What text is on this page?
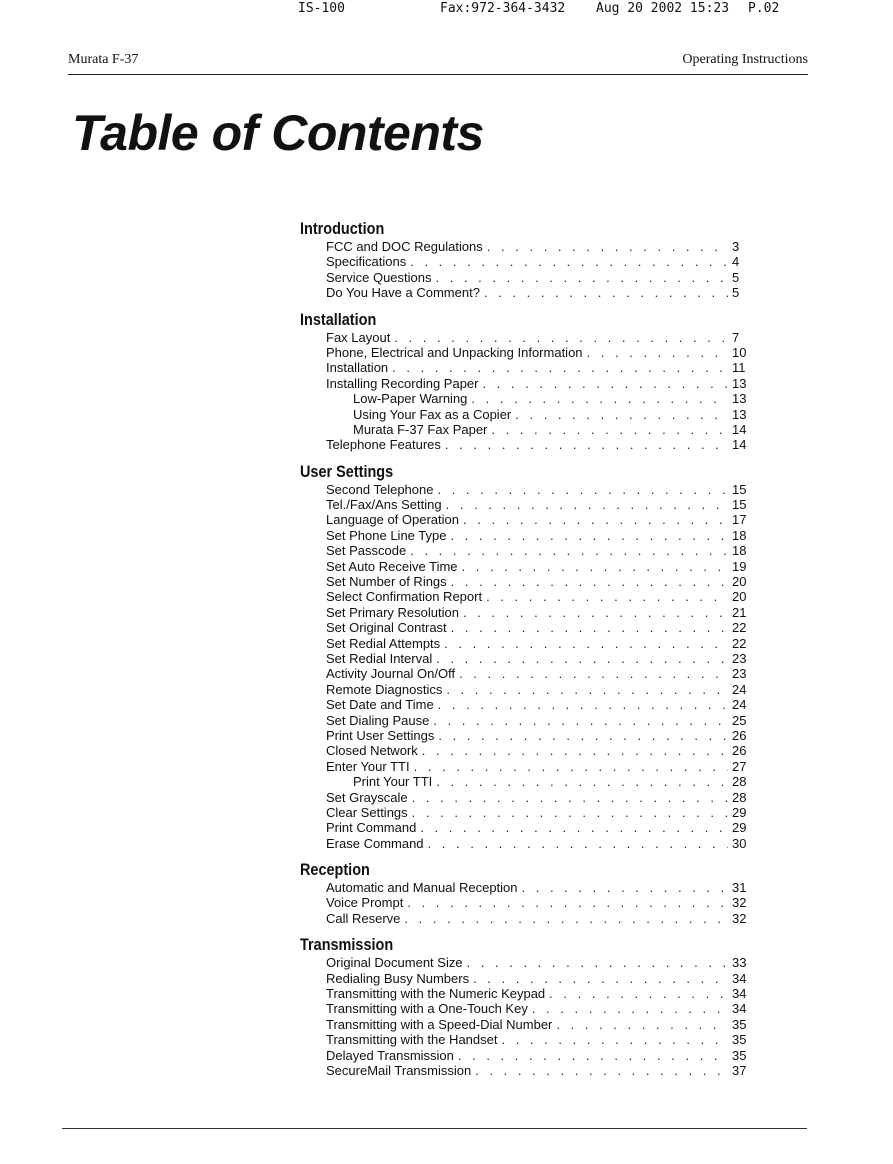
IS-100	Fax:972-364-3432 Aug 20 2002 15:23 P.02
Murata F-37	Operating Instructions
Table of Contents
Introduction
FCC and DOC Regulations . . .	3
Specifications . . .	4
Service Questions . . .	5
Do You Have a Comment? . . .	5
Installation
Fax Layout . . .	7
Phone, Electrical and Unpacking Information . . .	10
Installation . . .	11
Installing Recording Paper . . .	13
Low-Paper Warning . . .	13
Using Your Fax as a Copier . . .	13
Murata F-37 Fax Paper . . .	14
Telephone Features . . .	14
User Settings
Second Telephone . . .	15
Tel./Fax/Ans Setting . . .	15
Language of Operation . . .	17
Set Phone Line Type . . .	18
Set Passcode . . .	18
Set Auto Receive Time . . .	19
Set Number of Rings . . .	20
Select Confirmation Report . . .	20
Set Primary Resolution . . .	21
Set Original Contrast . . .	22
Set Redial Attempts . . .	22
Set Redial Interval . . .	23
Activity Journal On/Off . . .	23
Remote Diagnostics . . .	24
Set Date and Time . . .	24
Set Dialing Pause . . .	25
Print User Settings . . .	26
Closed Network . . .	26
Enter Your TTI . . .	27
Print Your TTI . . .	28
Set Grayscale . . .	28
Clear Settings . . .	29
Print Command . . .	29
Erase Command . . .	30
Reception
Automatic and Manual Reception . . .	31
Voice Prompt . . .	32
Call Reserve . . .	32
Transmission
Original Document Size . . .	33
Redialing Busy Numbers . . .	34
Transmitting with the Numeric Keypad . . .	34
Transmitting with a One-Touch Key . . .	34
Transmitting with a Speed-Dial Number . . .	35
Transmitting with the Handset . . .	35
Delayed Transmission . . .	35
SecureMail Transmission . . .	37
